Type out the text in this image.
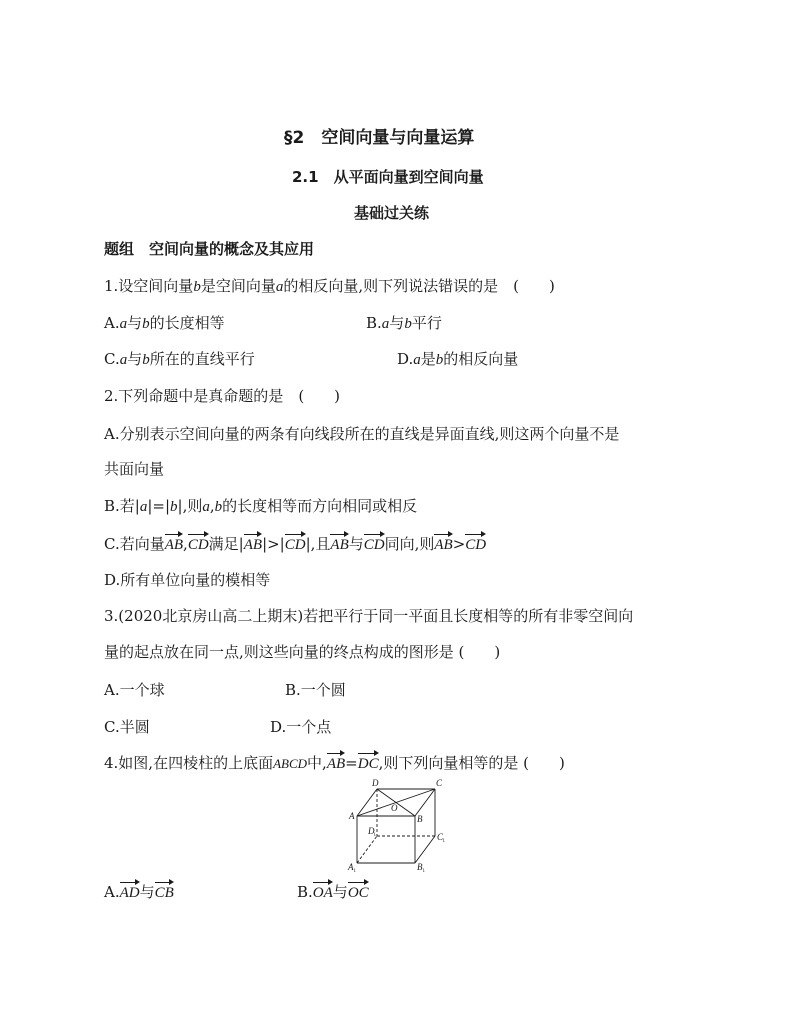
§2　空间向量与向量运算
2.1　从平面向量到空间向量
基础过关练
题组　空间向量的概念及其应用
1.设空间向量b是空间向量a的相反向量,则下列说法错误的是　(　　)
A.a与b的长度相等	B.a与b平行
C.a与b所在的直线平行	D.a是b的相反向量
2.下列命题中是真命题的是　(　　)
A.分别表示空间向量的两条有向线段所在的直线是异面直线,则这两个向量不是
共面向量
B.若|a|=|b|,则a,b的长度相等而方向相同或相反
C.若向量AB,CD满足|AB|>|CD|,且AB与CD同向,则AB>CD
D.所有单位向量的模相等
3.(2020北京房山高二上期末)若把平行于同一平面且长度相等的所有非零空间向
量的起点放在同一点,则这些向量的终点构成的图形是 (　　)
A.一个球	B.一个圆
C.半圆	D.一个点
4.如图,在四棱柱的上底面ABCD中,AB=DC,则下列向量相等的是 (　　)
D	C
A	B
O
D 1	C 1
A 1	B 1
A.AD与CB	B.OA与OC
